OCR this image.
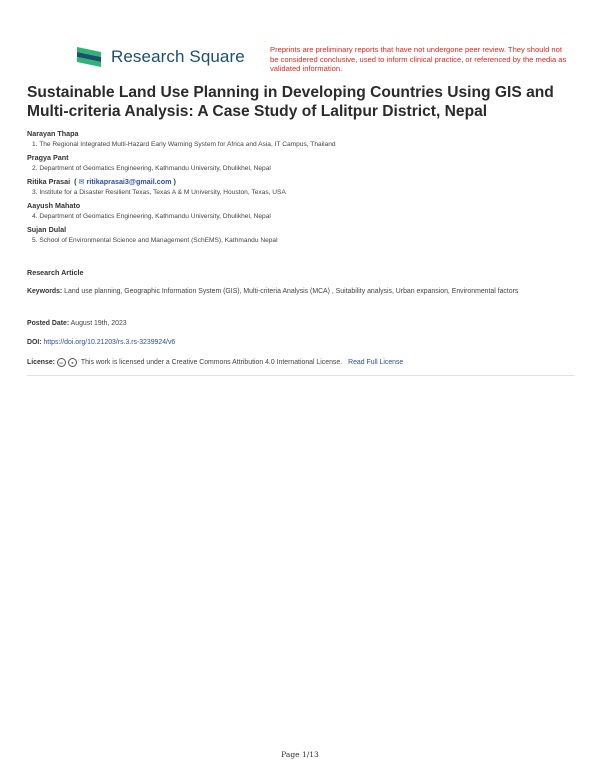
Research Square	Preprints are preliminary reports that have not undergone peer review. They should not be considered conclusive, used to inform clinical practice, or referenced by the media as validated information.
Sustainable Land Use Planning in Developing Countries Using GIS and Multi-criteria Analysis: A Case Study of Lalitpur District, Nepal
Narayan Thapa
1. The Regional Integrated Multi-Hazard Early Warning System for Africa and Asia, IT Campus, Thailand
Pragya Pant
2. Department of Geomatics Engineering, Kathmandu University, Dhulikhel, Nepal
Ritika Prasai  ( ✉ ritikaprasai3@gmail.com )
3. Institute for a Disaster Resilient Texas, Texas A & M University, Houston, Texas, USA
Aayush Mahato
4. Department of Geomatics Engineering, Kathmandu University, Dhulikhel, Nepal
Sujan Dulal
5. School of Environmental Science and Management (SchEMS), Kathmandu Nepal
Research Article
Keywords: Land use planning, Geographic Information System (GIS), Multi-criteria Analysis (MCA) , Suitability analysis, Urban expansion, Environmental factors
Posted Date: August 19th, 2023
DOI: https://doi.org/10.21203/rs.3.rs-3239924/v6
License:
	cc	●	This work is licensed under a Creative Commons Attribution 4.0 International License. Read Full License
Page 1/13
